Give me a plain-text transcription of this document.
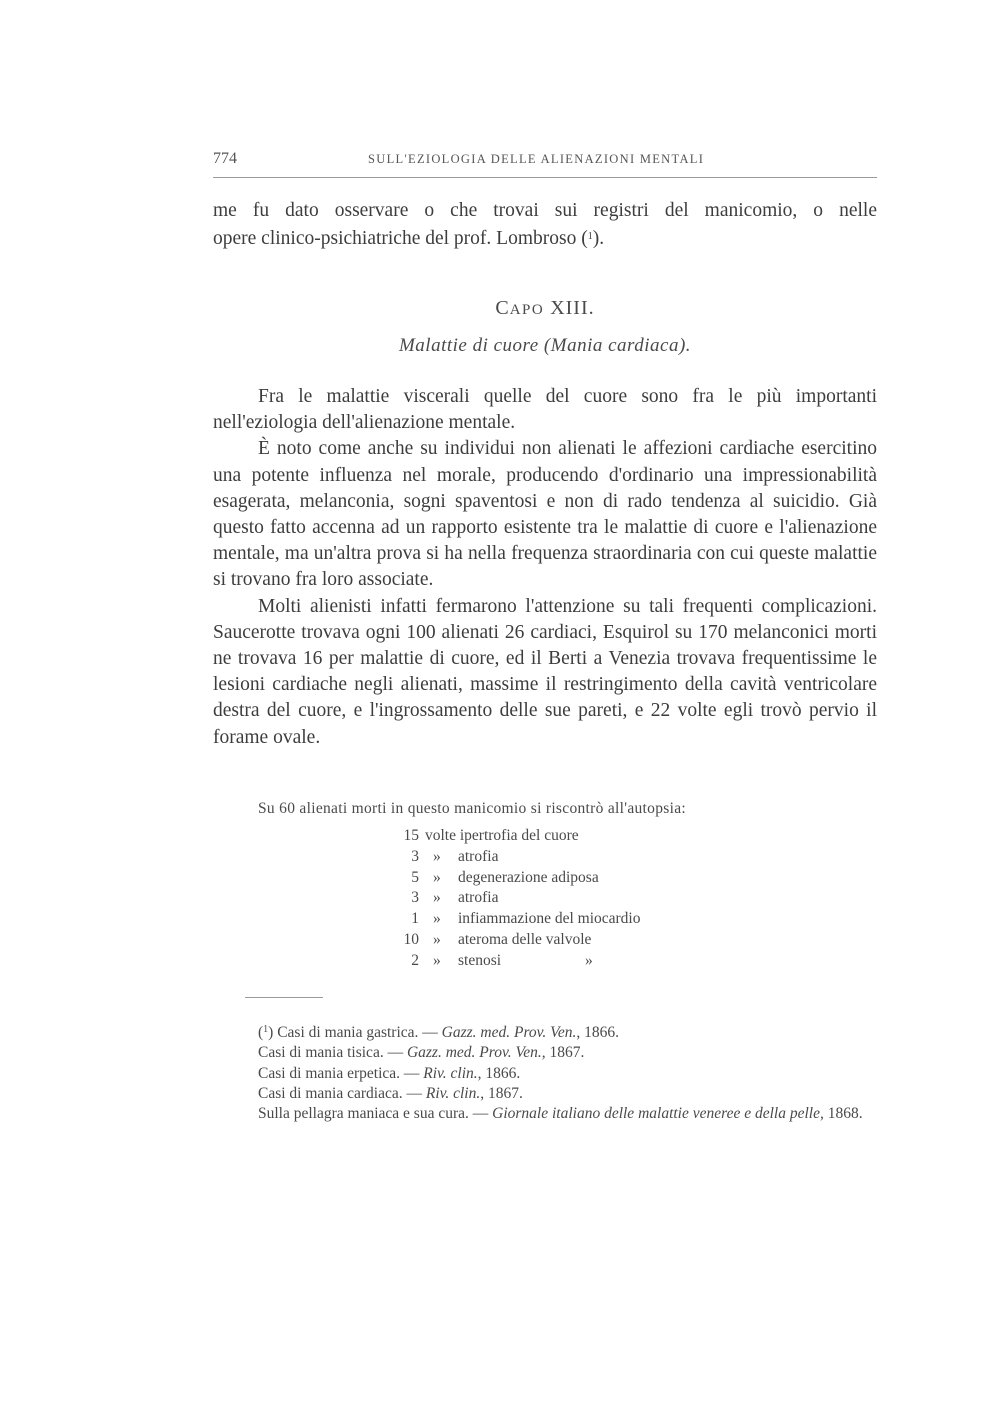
774	SULL'EZIOLOGIA DELLE ALIENAZIONI MENTALI

me fu dato osservare o che trovai sui registri del manicomio, o nelle

opere clinico-psichiatriche del prof. Lombroso ($^1$).

CAPO XIII.
Malattie di cuore (Mania cardiaca).

Fra le malattie viscerali quelle del cuore sono fra le più importanti nell'eziologia dell'alienazione mentale.

È noto come anche su individui non alienati le affezioni cardiache esercitino una potente influenza nel morale, producendo d'ordinario una impressionabilità esagerata, melanconia, sogni spaventosi e non di rado tendenza al suicidio. Già questo fatto accenna ad un rapporto esistente tra le malattie di cuore e l'alienazione mentale, ma un'altra prova si ha nella frequenza straordinaria con cui queste malattie si trovano fra loro associate.

Molti alienisti infatti fermarono l'attenzione su tali frequenti complicazioni. Saucerotte trovava ogni 100 alienati 26 cardiaci, Esquirol su 170 melanconici morti ne trovava 16 per malattie di cuore, ed il Berti a Venezia trovava frequentissime le lesioni cardiache negli alienati, massime il restringimento della cavità ventricolare destra del cuore, e l'ingrossamento delle sue pareti, e 22 volte egli trovò pervio il forame ovale.

Su 60 alienati morti in questo manicomio si riscontrò all'autopsia:
15 volte ipertrofia del cuore
3 » atrofia
5 » degenerazione adiposa
3 » atrofia
1 » infiammazione del miocardio
10 » ateroma delle valvole
2 » stenosi	»
($^1$) Casi di mania gastrica. — Gazz. med. Prov. Ven., 1866.
Casi di mania tisica. — Gazz. med. Prov. Ven., 1867.
Casi di mania erpetica. — Riv. clin., 1866.
Casi di mania cardiaca. — Riv. clin., 1867.
Sulla pellagra maniaca e sua cura. — Giornale italiano delle malattie veneree e della pelle, 1868.
